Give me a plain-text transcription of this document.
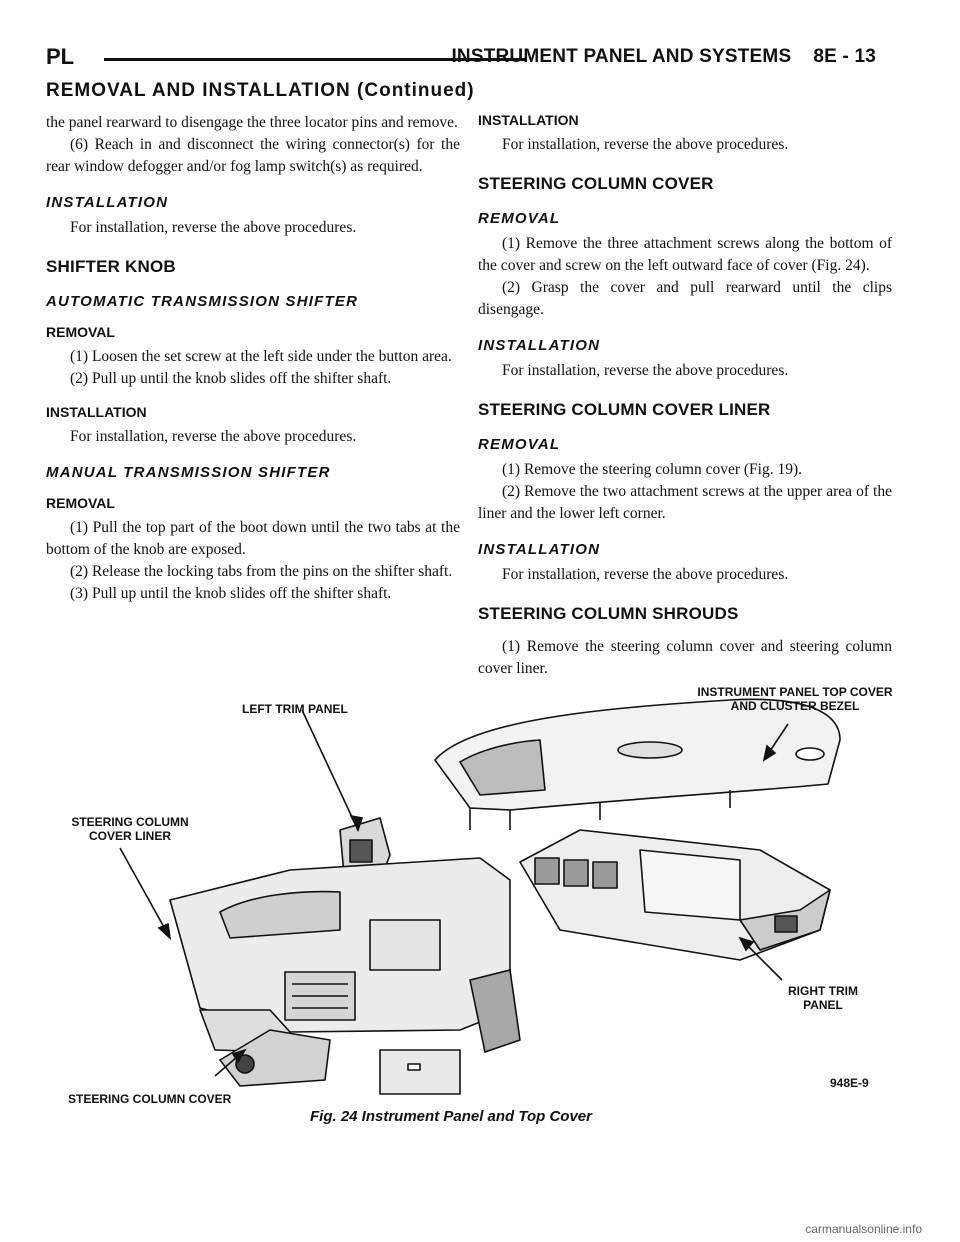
PL	INSTRUMENT PANEL AND SYSTEMS 8E - 13
REMOVAL AND INSTALLATION (Continued)

the panel rearward to disengage the three locator pins and remove.

(6) Reach in and disconnect the wiring connector(s) for the rear window defogger and/or fog lamp switch(s) as required.

INSTALLATION

For installation, reverse the above procedures.

SHIFTER KNOB
AUTOMATIC TRANSMISSION SHIFTER
REMOVAL

(1) Loosen the set screw at the left side under the button area.

(2) Pull up until the knob slides off the shifter shaft.

INSTALLATION

For installation, reverse the above procedures.

MANUAL TRANSMISSION SHIFTER
REMOVAL

(1) Pull the top part of the boot down until the two tabs at the bottom of the knob are exposed.

(2) Release the locking tabs from the pins on the shifter shaft.

(3) Pull up until the knob slides off the shifter shaft.

INSTALLATION

For installation, reverse the above procedures.

STEERING COLUMN COVER
REMOVAL

(1) Remove the three attachment screws along the bottom of the cover and screw on the left outward face of cover (Fig. 24).

(2) Grasp the cover and pull rearward until the clips disengage.

INSTALLATION

For installation, reverse the above procedures.

STEERING COLUMN COVER LINER
REMOVAL

(1) Remove the steering column cover (Fig. 19).

(2) Remove the two attachment screws at the upper area of the liner and the lower left corner.

INSTALLATION

For installation, reverse the above procedures.

STEERING COLUMN SHROUDS

(1) Remove the steering column cover and steering column cover liner.

LEFT TRIM PANEL
INSTRUMENT PANEL TOP COVER
AND CLUSTER BEZEL
STEERING COLUMN
COVER LINER
RIGHT TRIM
PANEL
STEERING COLUMN COVER
948E-9
Fig. 24 Instrument Panel and Top Cover
carmanualsonline.info
